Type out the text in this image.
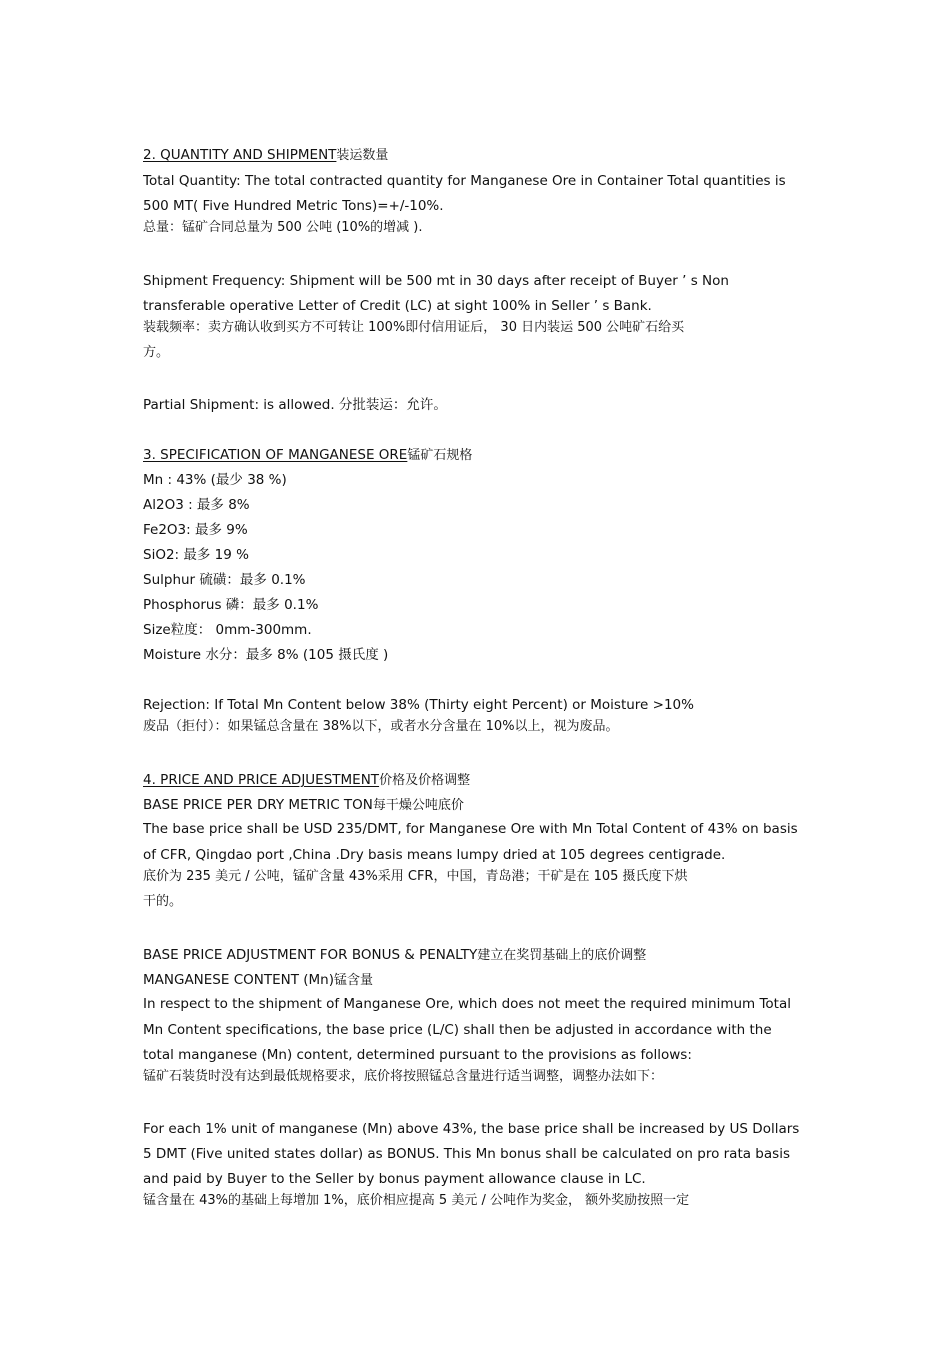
2. QUANTITY AND SHIPMENT装运数量
Total Quantity: The total contracted quantity for Manganese Ore in Container Total quantities is
500 MT( Five Hundred Metric Tons)=+/-10%.
总量：锰矿合同总量为 500 公吨 (10%的增减 ).
Shipment Frequency: Shipment will be 500 mt in 30 days after receipt of Buyer ’ s Non
transferable operative Letter of Credit (LC) at sight 100% in Seller ’ s Bank.
装载频率：卖方确认收到买方不可转让 100%即付信用证后， 30 日内装运 500 公吨矿石给买
方。
Partial Shipment: is allowed. 分批装运：允许。
3. SPECIFICATION OF MANGANESE ORE锰矿石规格
Mn : 43% (最少 38 %)
Al2O3 : 最多 8%
Fe2O3: 最多 9%
SiO2: 最多 19 %
Sulphur 硫磺：最多 0.1%
Phosphorus 磷：最多 0.1%
Size粒度： 0mm-300mm.
Moisture 水分：最多 8% (105 摄氏度 )
Rejection: If Total Mn Content below 38% (Thirty eight Percent) or Moisture >10%
废品（拒付）：如果锰总含量在 38%以下，或者水分含量在 10%以上，视为废品。
4. PRICE AND PRICE ADJUESTMENT价格及价格调整
BASE PRICE PER DRY METRIC TON每干燥公吨底价
The base price shall be USD 235/DMT, for Manganese Ore with Mn Total Content of 43% on basis
of CFR, Qingdao port ,China .Dry basis means lumpy dried at 105 degrees centigrade.
底价为 235 美元 / 公吨，锰矿含量 43%采用 CFR，中国，青岛港；干矿是在 105 摄氏度下烘
干的。
BASE PRICE ADJUSTMENT FOR BONUS & PENALTY建立在奖罚基础上的底价调整
MANGANESE CONTENT (Mn)锰含量
In respect to the shipment of Manganese Ore, which does not meet the required minimum Total
Mn Content specifications, the base price (L/C) shall then be adjusted in accordance with the
total manganese (Mn) content, determined pursuant to the provisions as follows:
锰矿石装货时没有达到最低规格要求，底价将按照锰总含量进行适当调整，调整办法如下：
For each 1% unit of manganese (Mn) above 43%, the base price shall be increased by US Dollars
5 DMT (Five united states dollar) as BONUS. This Mn bonus shall be calculated on pro rata basis
and paid by Buyer to the Seller by bonus payment allowance clause in LC.
锰含量在 43%的基础上每增加 1%，底价相应提高 5 美元 / 公吨作为奖金， 额外奖励按照一定
